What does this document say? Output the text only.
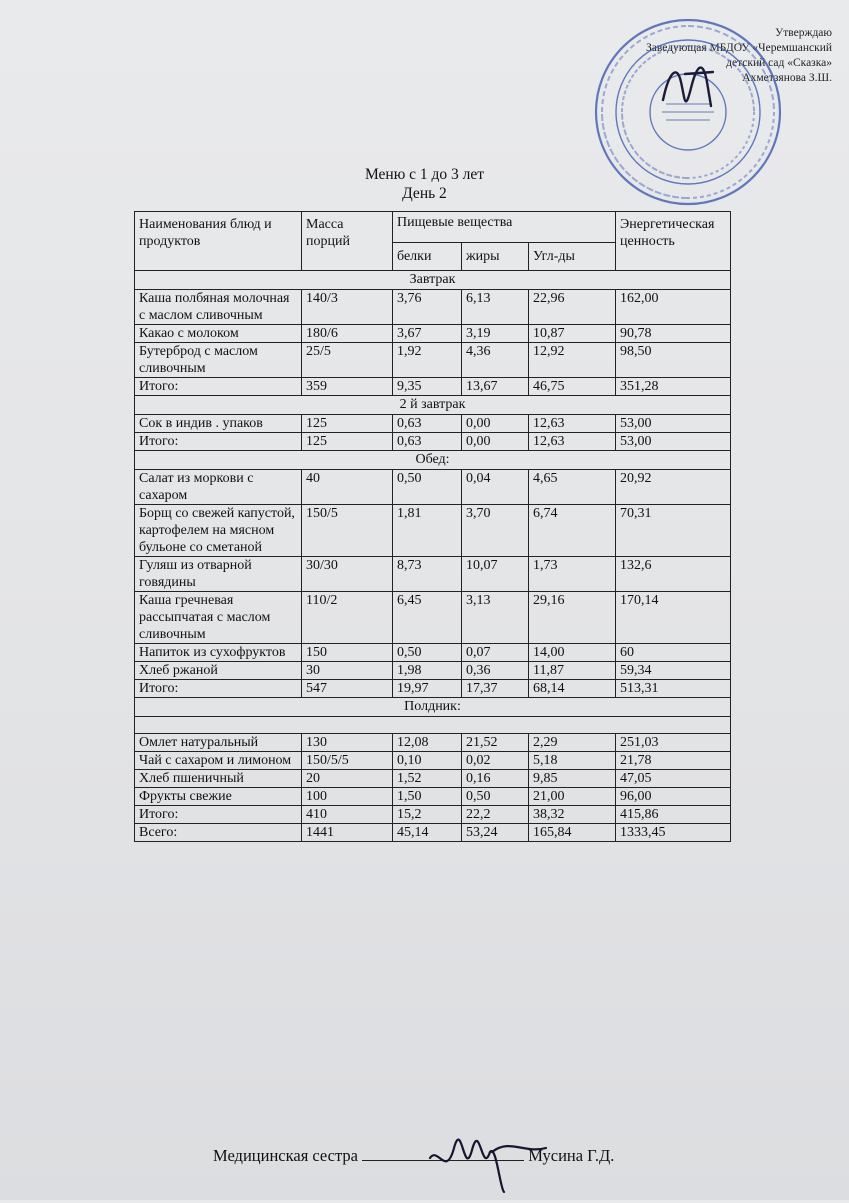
Утверждаю
Заведующая МБДОУ «Черемшанский
детский сад «Сказка»
Ахметзянова З.Ш.
Меню с 1 до 3 лет
День 2
Наименования блюд и продуктов	Масса порций	Пищевые вещества			Энергетическая ценность
		белки	жиры	Угл-ды	
Завтрак					
Каша полбяная молочная с маслом сливочным	140/3	3,76	6,13	22,96	162,00
Какао с молоком	180/6	3,67	3,19	10,87	90,78
Бутерброд с маслом сливочным	25/5	1,92	4,36	12,92	98,50
Итого:	359	9,35	13,67	46,75	351,28
2 й завтрак					
Сок в индив . упаков	125	0,63	0,00	12,63	53,00
Итого:	125	0,63	0,00	12,63	53,00
Обед:					
Салат из моркови с сахаром	40	0,50	0,04	4,65	20,92
Борщ со свежей капустой, картофелем на мясном бульоне со сметаной	150/5	1,81	3,70	6,74	70,31
Гуляш из отварной говядины	30/30	8,73	10,07	1,73	132,6
Каша гречневая рассыпчатая с маслом сливочным	110/2	6,45	3,13	29,16	170,14
Напиток из сухофруктов	150	0,50	0,07	14,00	60
Хлеб ржаной	30	1,98	0,36	11,87	59,34
Итого:	547	19,97	17,37	68,14	513,31
Полдник:					

Омлет натуральный	130	12,08	21,52	2,29	251,03
Чай с сахаром и лимоном	150/5/5	0,10	0,02	5,18	21,78
Хлеб пшеничный	20	1,52	0,16	9,85	47,05
Фрукты свежие	100	1,50	0,50	21,00	96,00
Итого:	410	15,2	22,2	38,32	415,86
Всего:	1441	45,14	53,24	165,84	1333,45
Медицинская сестра	Мусина Г.Д.
